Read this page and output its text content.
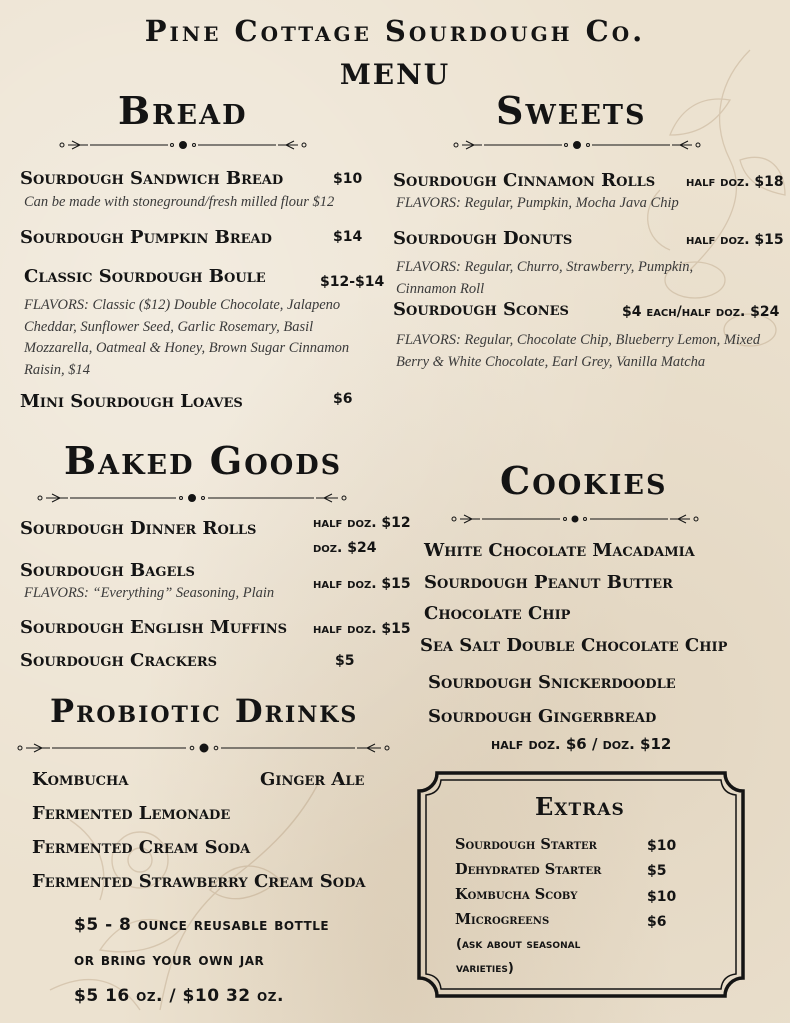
Pine Cottage Sourdough Co.
MENU
Bread
Sourdough Sandwich Bread	$10
Can be made with stoneground/fresh milled flour $12
Sourdough Pumpkin Bread	$14
Classic Sourdough Boule	$12-$14
FLAVORS: Classic ($12) Double Chocolate, Jalapeno Cheddar, Sunflower Seed, Garlic Rosemary, Basil Mozzarella, Oatmeal & Honey, Brown Sugar Cinnamon Raisin, $14
Mini Sourdough Loaves	$6
Sweets
Sourdough Cinnamon Rolls half doz. $18
FLAVORS: Regular, Pumpkin, Mocha Java Chip
Sourdough Donuts	half doz. $15
FLAVORS: Regular, Churro, Strawberry, Pumpkin, Cinnamon Roll
Sourdough Scones	$4 each/half doz. $24
FLAVORS: Regular, Chocolate Chip, Blueberry Lemon, Mixed Berry & White Chocolate, Earl Grey, Vanilla Matcha
Baked Goods
Sourdough Dinner Rolls	half doz. $12
doz. $24
Sourdough Bagels
half doz. $15
FLAVORS: “Everything” Seasoning, Plain
Sourdough English Muffins half doz. $15
Sourdough Crackers	$5
Cookies
White Chocolate Macadamia
Sourdough Peanut Butter
Chocolate Chip
Sea Salt Double Chocolate Chip
Sourdough Snickerdoodle
Sourdough Gingerbread
half doz. $6 / doz. $12
Probiotic Drinks
Kombucha	Ginger Ale
Fermented Lemonade
Fermented Cream Soda
Fermented Strawberry Cream Soda
$5 - 8 ounce reusable bottle
or bring your own jar
$5 16 oz. / $10 32 oz.
Extras
Sourdough Starter	$10
Dehydrated Starter	$5
Kombucha Scoby	$10
Microgreens	$6
(ask about seasonal varieties)
